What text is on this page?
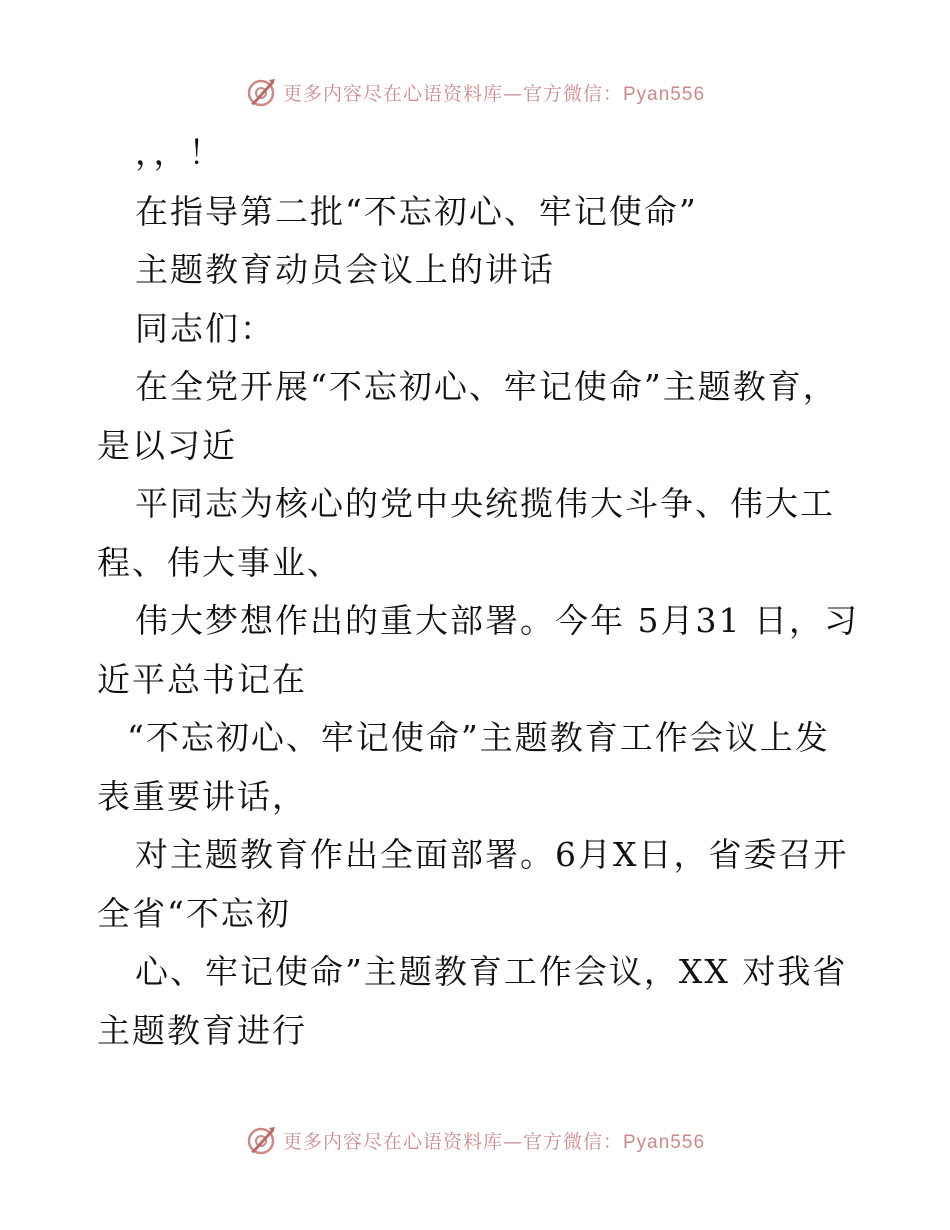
更多内容尽在心语资料库—官方微信：Pyan556
，，！
在指导第二批“不忘初心、牢记使命”
主题教育动员会议上的讲话
同志们：
在全党开展“不忘初心、牢记使命”主题教育，
是以习近
平同志为核心的党中央统揽伟大斗争、伟大工
程、伟大事业、
伟大梦想作出的重大部署。今年 5月31 日，习
近平总书记在
“不忘初心、牢记使命”主题教育工作会议上发
表重要讲话，
对主题教育作出全面部署。6月X日，省委召开
全省“不忘初
心、牢记使命”主题教育工作会议，XX 对我省
主题教育进行
更多内容尽在心语资料库—官方微信：Pyan556
